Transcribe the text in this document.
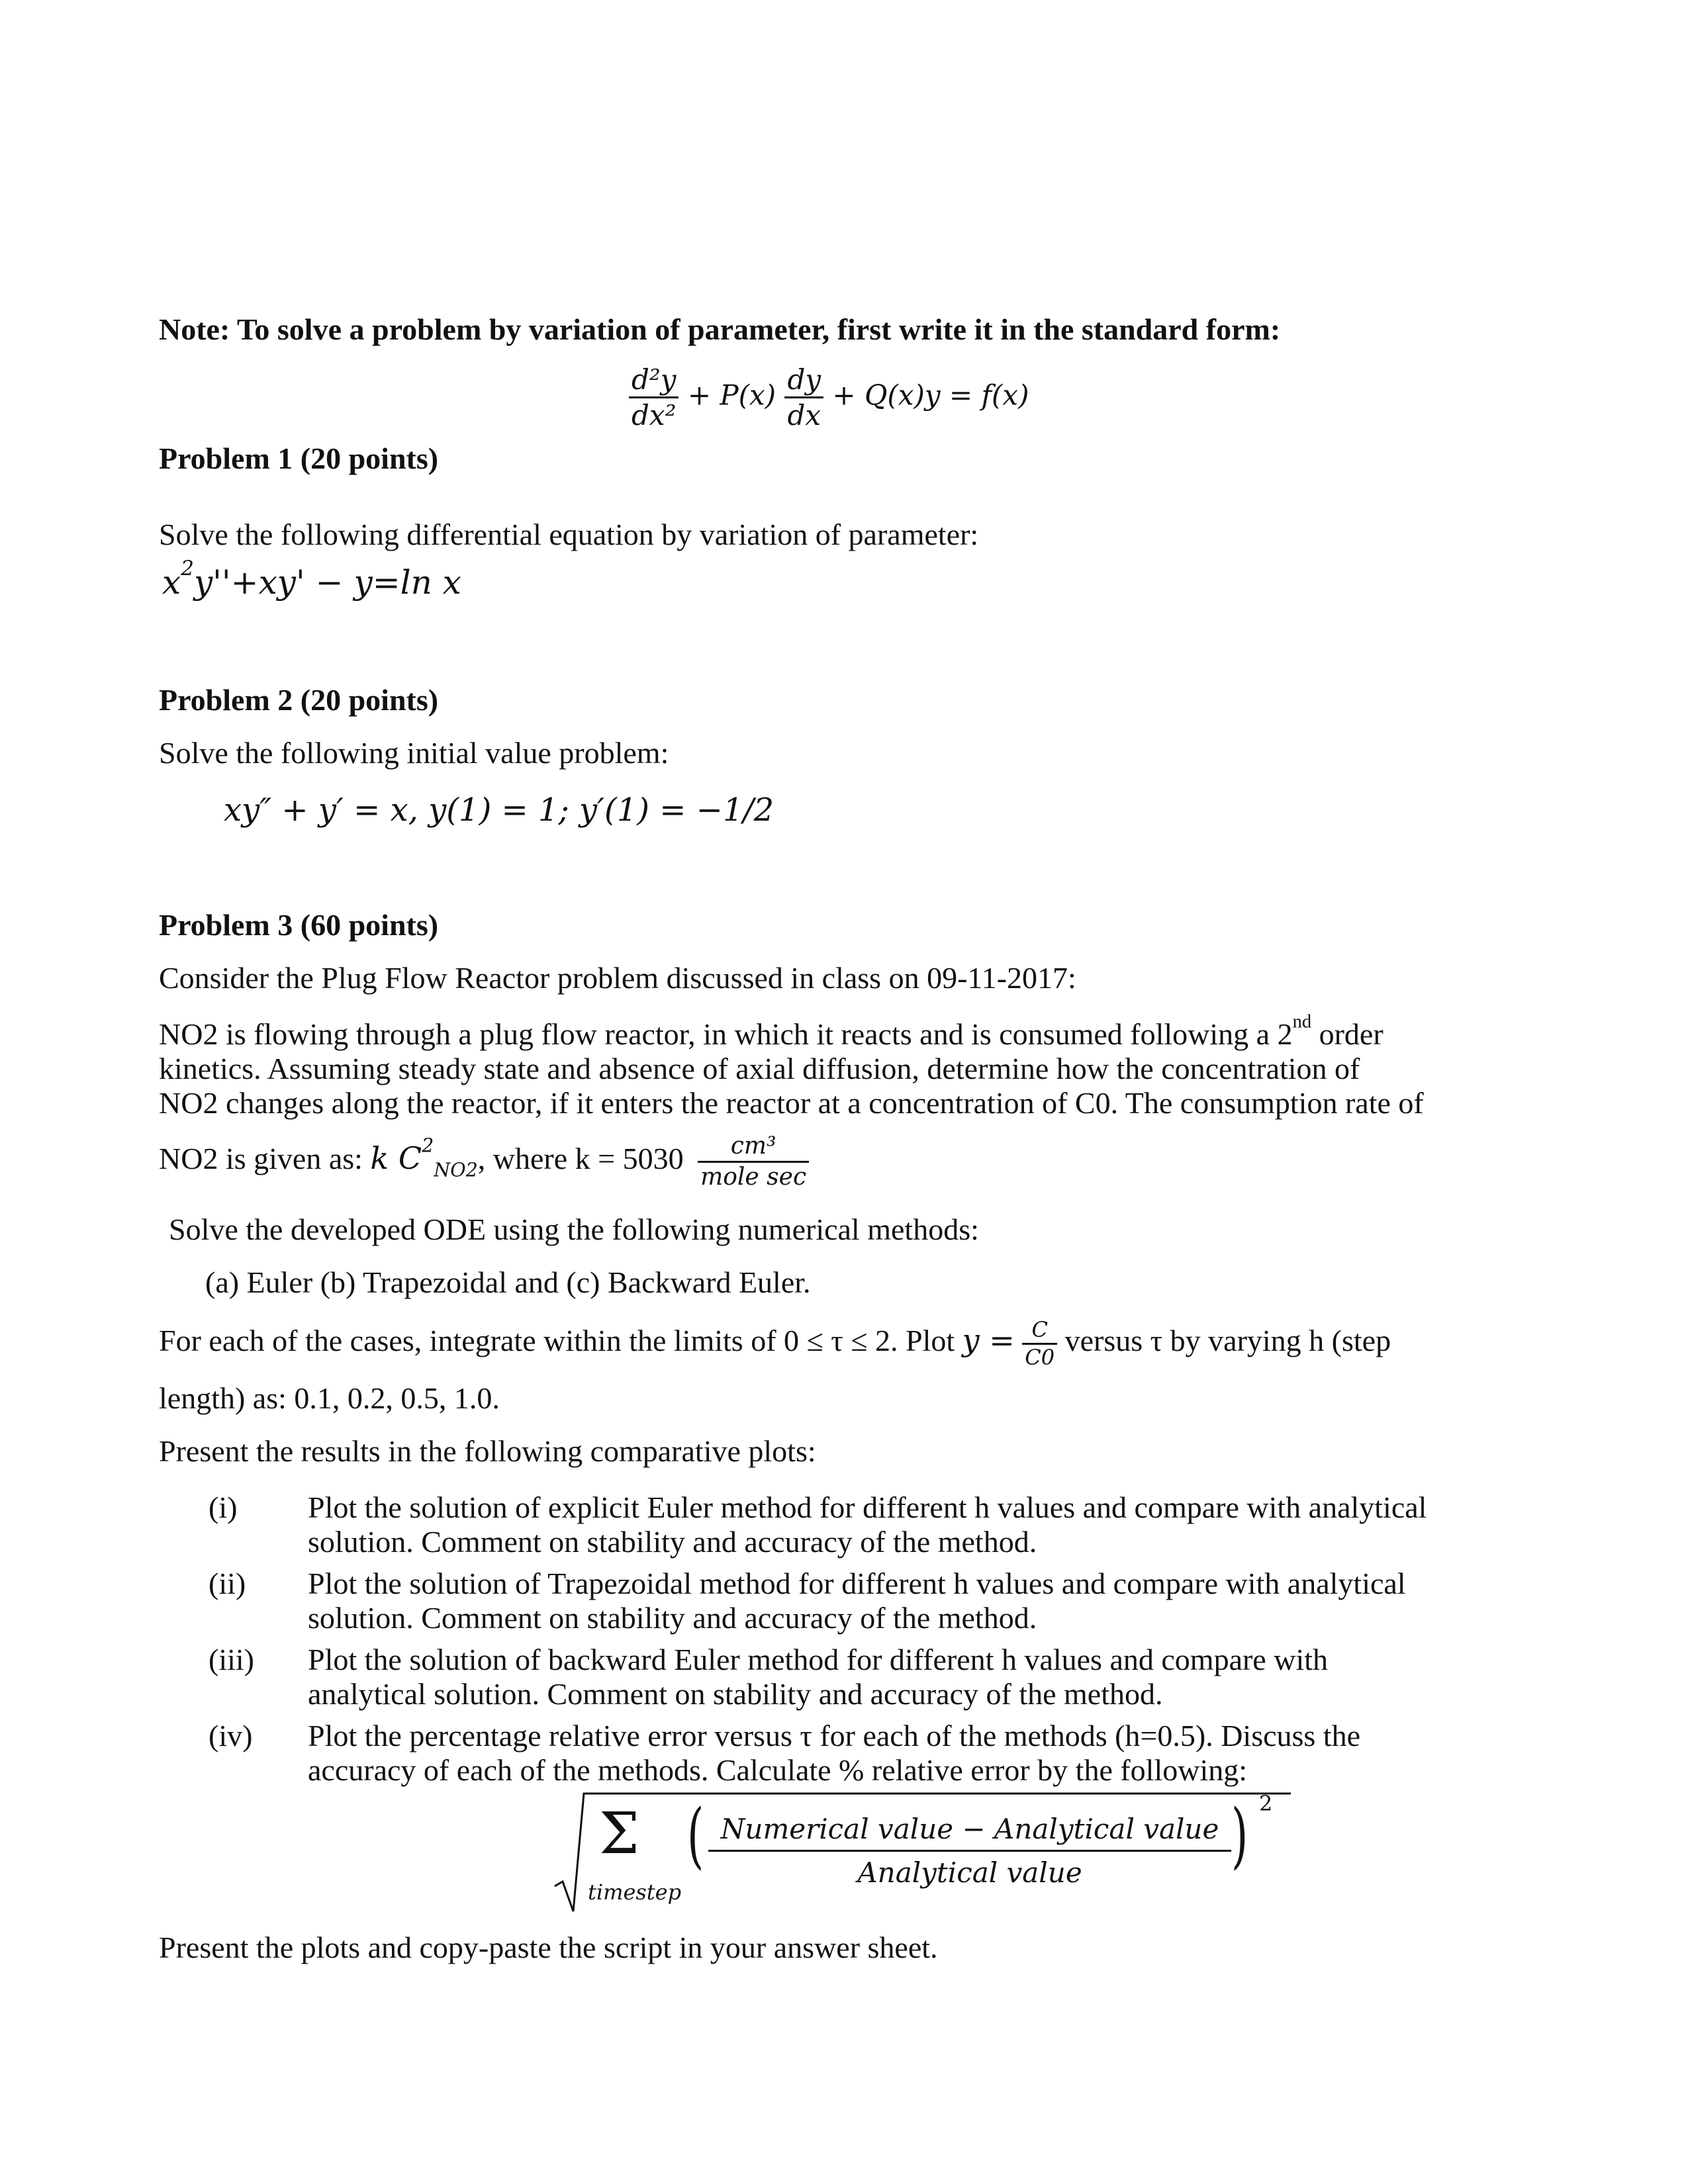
Note: To solve a problem by variation of parameter, first write it in the standard form:
$\frac{\text{d²y}}{\text{dx²}} + P(x) \frac{dy}{dx} + Q(x)y = f(x)$
Problem 1 (20 points)
Solve the following differential equation by variation of parameter:
$x^2y''+xy' - y=\ln$ x
Problem 2 (20 points)
Solve the following initial value problem:
xy″ + y′ = x, y(1) = 1; y′(1) = −1/2
Problem 3 (60 points)
Consider the Plug Flow Reactor problem discussed in class on 09-11-2017:
NO2 is flowing through a plug flow reactor, in which it reacts and is consumed following a 2nd order
kinetics. Assuming steady state and absence of axial diffusion, determine how the concentration of
NO2 changes along the reactor, if it enters the reactor at a concentration of C0. The consumption rate of
NO2 is given as: k $C^2_{NO2}$, where $k = 5030 \frac{\text{cm³}}{\text{mole sec}}$
Solve the developed ODE using the following numerical methods:
(a) Euler (b) Trapezoidal and (c) Backward Euler.
For each of the cases, integrate within the limits of 0 ≤ τ ≤ 2. Plot $y = \frac{C}{C0}$ versus τ by varying h (step
length) as: 0.1, 0.2, 0.5, 1.0.
Present the results in the following comparative plots:
(i) Plot the solution of explicit Euler method for different h values and compare with analytical
solution. Comment on stability and accuracy of the method.
(ii) Plot the solution of Trapezoidal method for different h values and compare with analytical
solution. Comment on stability and accuracy of the method.
(iii) Plot the solution of backward Euler method for different h values and compare with
analytical solution. Comment on stability and accuracy of the method.
(iv) Plot the percentage relative error versus τ for each of the methods (h=0.5). Discuss the
accuracy of each of the methods. Calculate % relative error by the following:
Σ
timestep
( Numerical value − Analytical value
Analytical value	) 2
Present the plots and copy-paste the script in your answer sheet.
